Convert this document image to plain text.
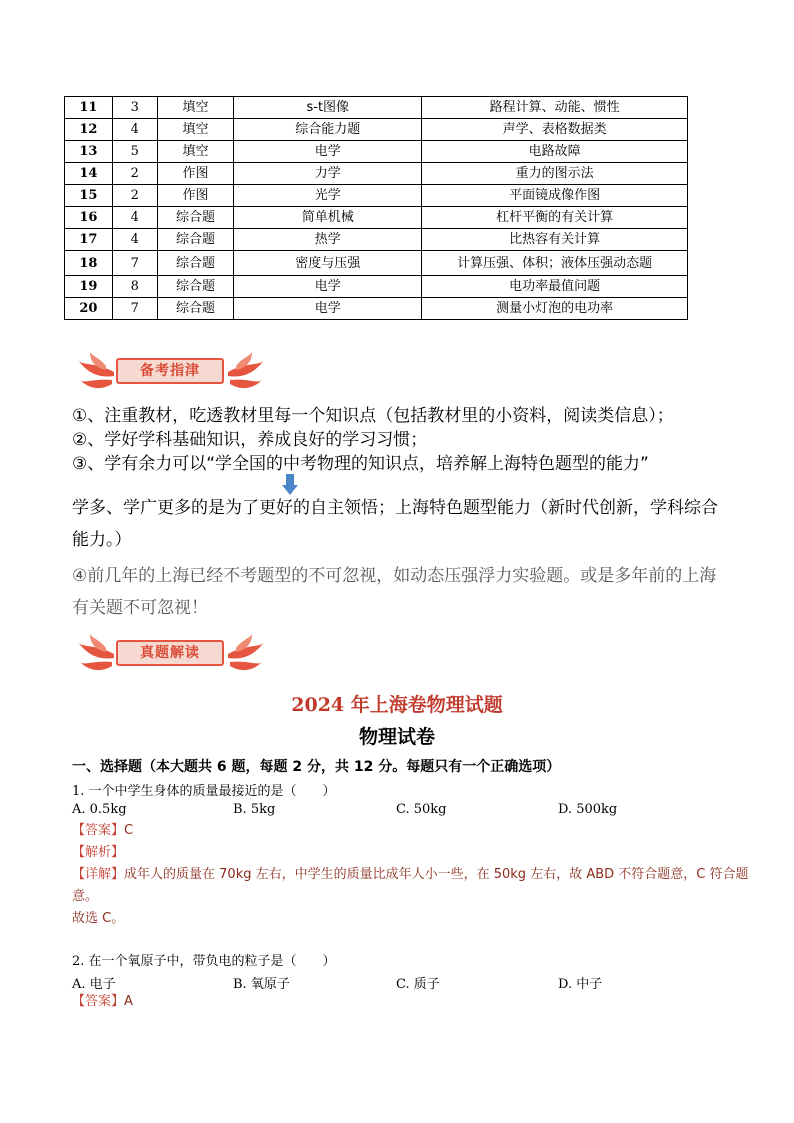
11	3	填空	s-t图像	路程计算、动能、惯性
12	4	填空	综合能力题	声学、表格数据类
13	5	填空	电学	电路故障
14	2	作图	力学	重力的图示法
15	2	作图	光学	平面镜成像作图
16	4	综合题	简单机械	杠杆平衡的有关计算
17	4	综合题	热学	比热容有关计算
18	7	综合题	密度与压强	计算压强、体积；液体压强动态题
19	8	综合题	电学	电功率最值问题
20	7	综合题	电学	测量小灯泡的电功率
备考指津
①、注重教材，吃透教材里每一个知识点（包括教材里的小资料，阅读类信息）；
②、学好学科基础知识，养成良好的学习习惯；
③、学有余力可以“学全国的中考物理的知识点，培养解上海特色题型的能力”
学多、学广更多的是为了更好的自主领悟；上海特色题型能力（新时代创新，学科综合能力。）
④前几年的上海已经不考题型的不可忽视，如动态压强浮力实验题。或是多年前的上海有关题不可忽视！
真题解读
2024 年上海卷物理试题
物理试卷
一、选择题（本大题共 6 题，每题 2 分，共 12 分。每题只有一个正确选项）
1. 一个中学生身体的质量最接近的是（　　）
A. 0.5kg	B. 5kg	C. 50kg	D. 500kg
【答案】C
【解析】
【详解】成年人的质量在 70kg 左右，中学生的质量比成年人小一些，在 50kg 左右，故 ABD 不符合题意，C 符合题意。
故选 C。
2. 在一个氧原子中，带负电的粒子是（　　）
A. 电子	B. 氧原子	C. 质子	D. 中子
【答案】A
